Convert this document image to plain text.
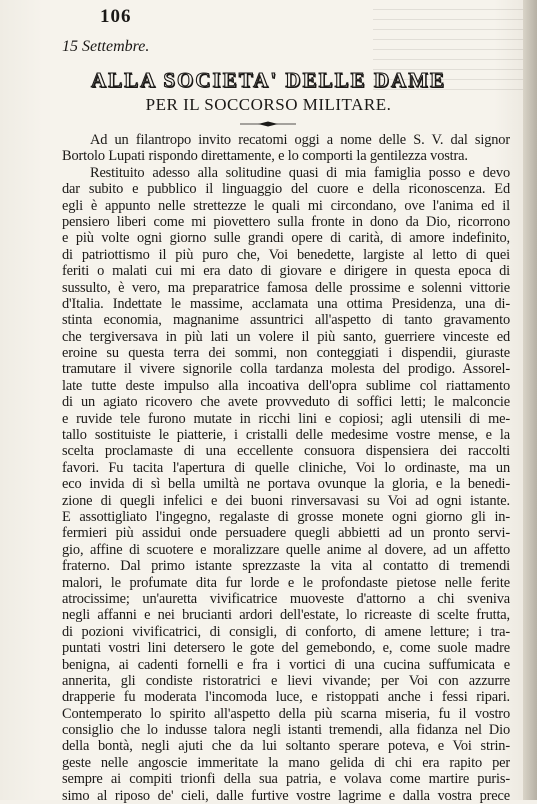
106
15 Settembre.
ALLA SOCIETA' DELLE DAME
PER IL SOCCORSO MILITARE.
Ad un filantropo invito recatomi oggi a nome delle S. V. dal signor
Bortolo Lupati rispondo direttamente, e lo comporti la gentilezza vostra.
Restituito adesso alla solitudine quasi di mia famiglia posso e devo
dar subito e pubblico il linguaggio del cuore e della riconoscenza. Ed
egli è appunto nelle strettezze le quali mi circondano, ove l'anima ed il
pensiero liberi come mi piovettero sulla fronte in dono da Dio, ricorrono
e più volte ogni giorno sulle grandi opere di carità, di amore indefinito,
di patriottismo il più puro che, Voi benedette, largiste al letto di quei
feriti o malati cui mi era dato di giovare e dirigere in questa epoca di
sussulto, è vero, ma preparatrice famosa delle prossime e solenni vittorie
d'Italia. Indettate le massime, acclamata una ottima Presidenza, una di-
stinta economia, magnanime assuntrici all'aspetto di tanto gravamento
che tergiversava in più lati un volere il più santo, guerriere vinceste ed
eroine su questa terra dei sommi, non conteggiati i dispendii, giuraste
tramutare il vivere signorile colla tardanza molesta del prodigo. Assorel-
late tutte deste impulso alla incoativa dell'opra sublime col riattamento
di un agiato ricovero che avete provveduto di soffici letti; le malconcie
e ruvide tele furono mutate in ricchi lini e copiosi; agli utensili di me-
tallo sostituiste le piatterie, i cristalli delle medesime vostre mense, e la
scelta proclamaste di una eccellente consuora dispensiera dei raccolti
favori. Fu tacita l'apertura di quelle cliniche, Voi lo ordinaste, ma un
eco invida di sì bella umiltà ne portava ovunque la gloria, e la benedi-
zione di quegli infelici e dei buoni rinversavasi su Voi ad ogni istante.
E assottigliato l'ingegno, regalaste di grosse monete ogni giorno gli in-
fermieri più assidui onde persuadere quegli abbietti ad un pronto servi-
gio, affine di scuotere e moralizzare quelle anime al dovere, ad un affetto
fraterno. Dal primo istante sprezzaste la vita al contatto di tremendi
malori, le profumate dita fur lorde e le profondaste pietose nelle ferite
atrocissime; un'auretta vivificatrice muoveste d'attorno a chi sveniva
negli affanni e nei brucianti ardori dell'estate, lo ricreaste di scelte frutta,
di pozioni vivificatrici, di consigli, di conforto, di amene letture; i tra-
puntati vostri lini detersero le gote del gemebondo, e, come suole madre
benigna, ai cadenti fornelli e fra i vortici di una cucina suffumicata e
annerita, gli condiste ristoratrici e lievi vivande; per Voi con azzurre
drapperie fu moderata l'incomoda luce, e ristoppati anche i fessi ripari.
Contemperato lo spirito all'aspetto della più scarna miseria, fu il vostro
consiglio che lo indusse talora negli istanti tremendi, alla fidanza nel Dio
della bontà, negli ajuti che da lui soltanto sperare poteva, e Voi strin-
geste nelle angoscie immeritate la mano gelida di chi era rapito per
sempre ai compiti trionfi della sua patria, e volava come martire puris-
simo al riposo de' cieli, dalle furtive vostre lagrime e dalla vostra prece
